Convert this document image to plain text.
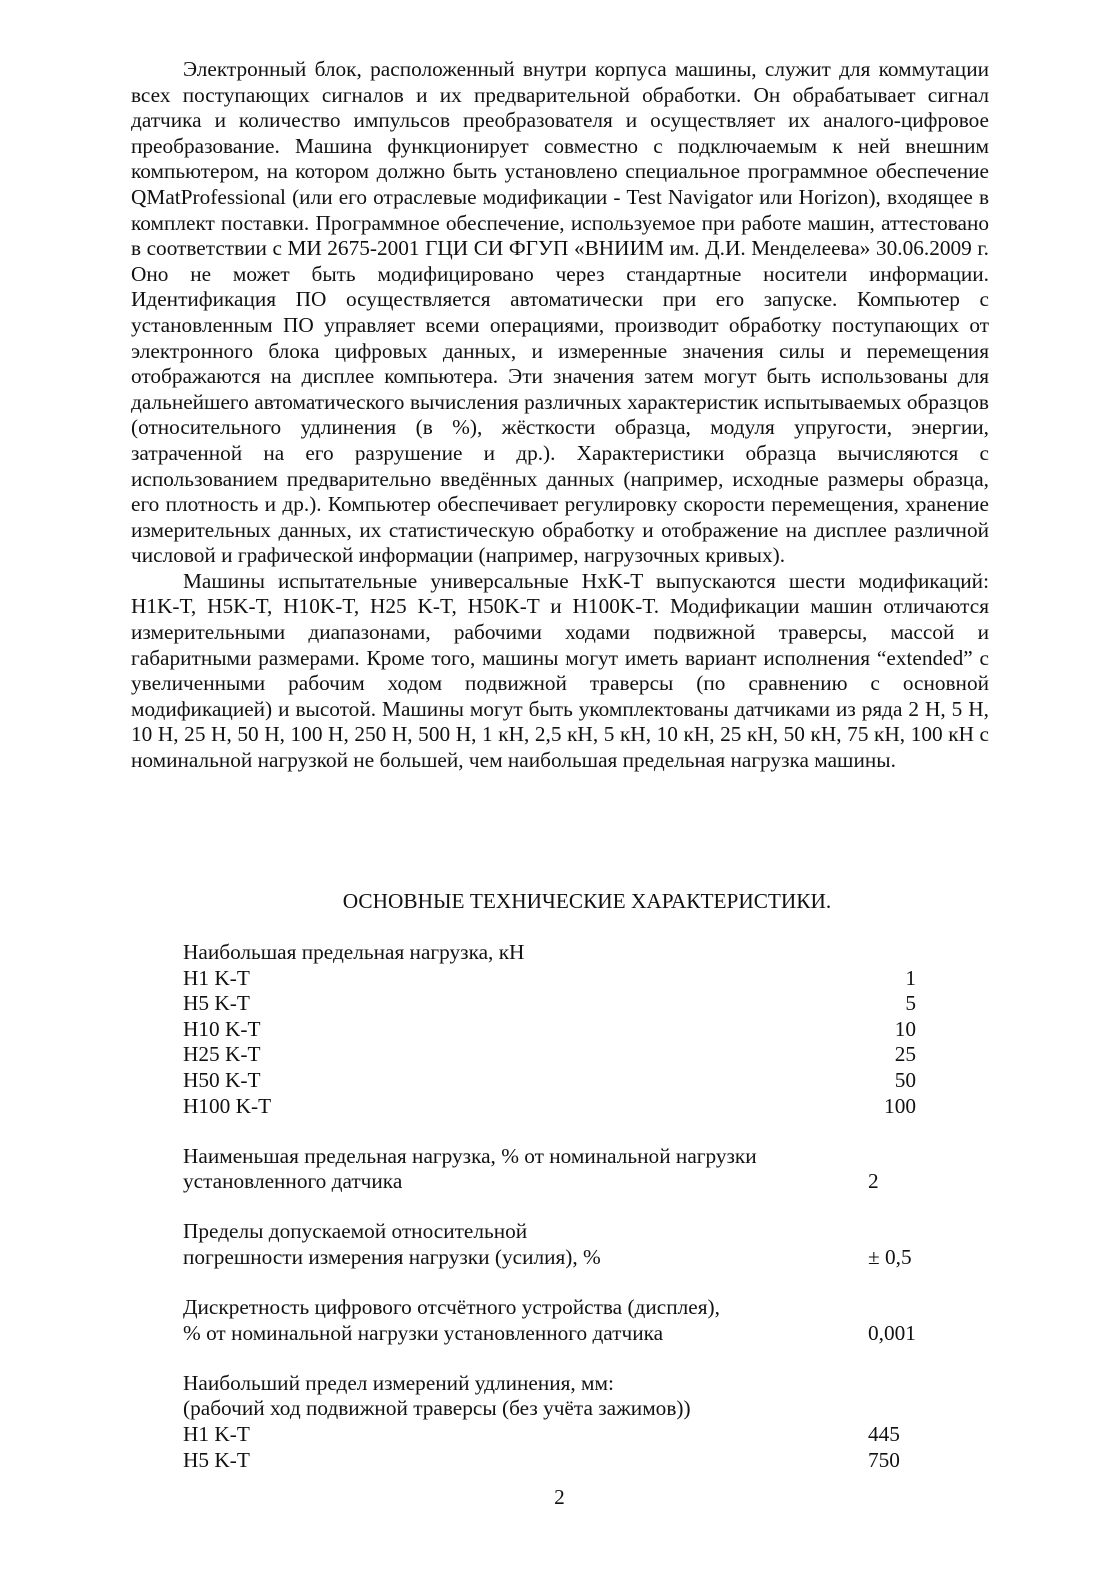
Электронный блок, расположенный внутри корпуса машины, служит для коммутации всех поступающих сигналов и их предварительной обработки. Он обрабатывает сигнал датчика и количество импульсов преобразователя и осуществляет их аналого-цифровое преобразование. Машина функционирует совместно с подключаемым к ней внешним компьютером, на котором должно быть установлено специальное программное обеспечение QMatProfessional (или его отраслевые модификации - Test Navigator или Horizon), входящее в комплект поставки. Программное обеспечение, используемое при работе машин, аттестовано в соответствии с МИ 2675-2001 ГЦИ СИ ФГУП «ВНИИМ им. Д.И. Менделеева» 30.06.2009 г. Оно не может быть модифицировано через стандартные носители информации. Идентификация ПО осуществляется автоматически при его запуске. Компьютер с установленным ПО управляет всеми операциями, производит обработку поступающих от электронного блока цифровых данных, и измеренные значения силы и перемещения отображаются на дисплее компьютера. Эти значения затем могут быть использованы для дальнейшего автоматического вычисления различных характеристик испытываемых образцов (относительного удлинения (в %), жёсткости образца, модуля упругости, энергии, затраченной на его разрушение и др.). Характеристики образца вычисляются с использованием предварительно введённых данных (например, исходные размеры образца, его плотность и др.). Компьютер обеспечивает регулировку скорости перемещения, хранение измерительных данных, их статистическую обработку и отображение на дисплее различной числовой и графической информации (например, нагрузочных кривых).

Машины испытательные универсальные HxK-T выпускаются шести модификаций: H1K-T, H5K-T, H10K-T, H25 K-T, H50K-T и H100K-T. Модификации машин отличаются измерительными диапазонами, рабочими ходами подвижной траверсы, массой и габаритными размерами. Кроме того, машины могут иметь вариант исполнения “extended” с увеличенными рабочим ходом подвижной траверсы (по сравнению с основной модификацией) и высотой. Машины могут быть укомплектованы датчиками из ряда 2 Н, 5 Н, 10 Н, 25 Н, 50 Н, 100 Н, 250 Н, 500 Н, 1 кН, 2,5 кН, 5 кН, 10 кН, 25 кН, 50 кН, 75 кН, 100 кН с номинальной нагрузкой не большей, чем наибольшая предельная нагрузка машины.

ОСНОВНЫЕ ТЕХНИЧЕСКИЕ ХАРАКТЕРИСТИКИ.
Наибольшая предельная нагрузка, кН
H1 K-T	1
H5 K-T	5
H10 K-T	10
H25 K-T	25
H50 K-T	50
H100 K-T	100
Наименьшая предельная нагрузка, % от номинальной нагрузки
установленного датчика	2
Пределы допускаемой относительной
погрешности измерения нагрузки (усилия), %	± 0,5
Дискретность цифрового отсчётного устройства (дисплея),
% от номинальной нагрузки установленного датчика	0,001
Наибольший предел измерений удлинения, мм:
(рабочий ход подвижной траверсы (без учёта зажимов))
H1 K-T	445
H5 K-T	750
2
